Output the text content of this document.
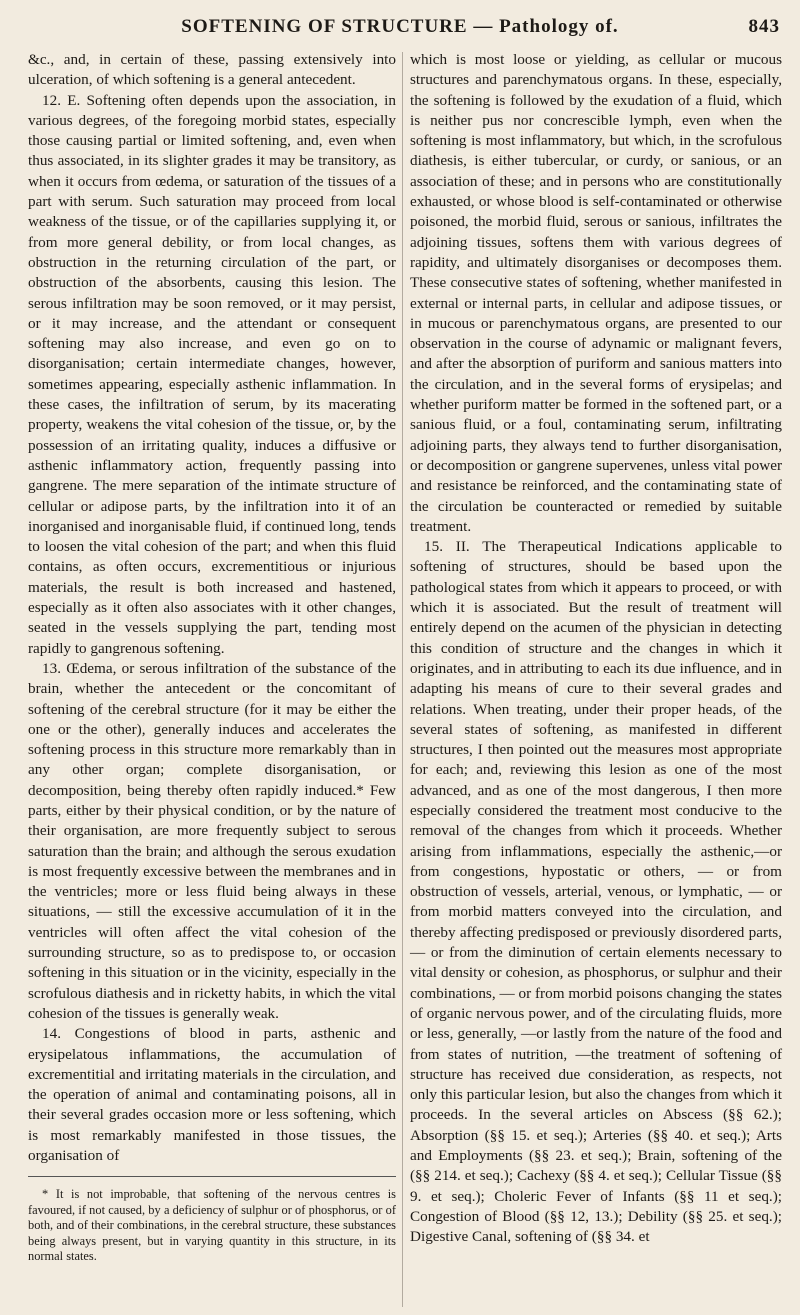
SOFTENING OF STRUCTURE — Pathology of.	843

&c., and, in certain of these, passing extensively into ulceration, of which softening is a general antecedent.

12. E. Softening often depends upon the association, in various degrees, of the foregoing morbid states, especially those causing partial or limited softening, and, even when thus associated, in its slighter grades it may be transitory, as when it occurs from œdema, or saturation of the tissues of a part with serum. Such saturation may proceed from local weakness of the tissue, or of the capillaries supplying it, or from more general debility, or from local changes, as obstruction in the returning circulation of the part, or obstruction of the absorbents, causing this lesion. The serous infiltration may be soon removed, or it may persist, or it may increase, and the attendant or consequent softening may also increase, and even go on to disorganisation; certain intermediate changes, however, sometimes appearing, especially asthenic inflammation. In these cases, the infiltration of serum, by its macerating property, weakens the vital cohesion of the tissue, or, by the possession of an irritating quality, induces a diffusive or asthenic inflammatory action, frequently passing into gangrene. The mere separation of the intimate structure of cellular or adipose parts, by the infiltration into it of an inorganised and inorganisable fluid, if continued long, tends to loosen the vital cohesion of the part; and when this fluid contains, as often occurs, excrementitious or injurious materials, the result is both increased and hastened, especially as it often also associates with it other changes, seated in the vessels supplying the part, tending most rapidly to gangrenous softening.

13. Œdema, or serous infiltration of the substance of the brain, whether the antecedent or the concomitant of softening of the cerebral structure (for it may be either the one or the other), generally induces and accelerates the softening process in this structure more remarkably than in any other organ; complete disorganisation, or decomposition, being thereby often rapidly induced.* Few parts, either by their physical condition, or by the nature of their organisation, are more frequently subject to serous saturation than the brain; and although the serous exudation is most frequently excessive between the membranes and in the ventricles; more or less fluid being always in these situations, — still the excessive accumulation of it in the ventricles will often affect the vital cohesion of the surrounding structure, so as to predispose to, or occasion softening in this situation or in the vicinity, especially in the scrofulous diathesis and in ricketty habits, in which the vital cohesion of the tissues is generally weak.

14. Congestions of blood in parts, asthenic and erysipelatous inflammations, the accumulation of excrementitial and irritating materials in the circulation, and the operation of animal and contaminating poisons, all in their several grades occasion more or less softening, which is most remarkably manifested in those tissues, the organisation of

* It is not improbable, that softening of the nervous centres is favoured, if not caused, by a deficiency of sulphur or of phosphorus, or of both, and of their combinations, in the cerebral structure, these substances being always present, but in varying quantity in this structure, in its normal states.

which is most loose or yielding, as cellular or mucous structures and parenchymatous organs. In these, especially, the softening is followed by the exudation of a fluid, which is neither pus nor concrescible lymph, even when the softening is most inflammatory, but which, in the scrofulous diathesis, is either tubercular, or curdy, or sanious, or an association of these; and in persons who are constitutionally exhausted, or whose blood is self-contaminated or otherwise poisoned, the morbid fluid, serous or sanious, infiltrates the adjoining tissues, softens them with various degrees of rapidity, and ultimately disorganises or decomposes them. These consecutive states of softening, whether manifested in external or internal parts, in cellular and adipose tissues, or in mucous or parenchymatous organs, are presented to our observation in the course of adynamic or malignant fevers, and after the absorption of puriform and sanious matters into the circulation, and in the several forms of erysipelas; and whether puriform matter be formed in the softened part, or a sanious fluid, or a foul, contaminating serum, infiltrating adjoining parts, they always tend to further disorganisation, or decomposition or gangrene supervenes, unless vital power and resistance be reinforced, and the contaminating state of the circulation be counteracted or remedied by suitable treatment.

15. II. The Therapeutical Indications applicable to softening of structures, should be based upon the pathological states from which it appears to proceed, or with which it is associated. But the result of treatment will entirely depend on the acumen of the physician in detecting this condition of structure and the changes in which it originates, and in attributing to each its due influence, and in adapting his means of cure to their several grades and relations. When treating, under their proper heads, of the several states of softening, as manifested in different structures, I then pointed out the measures most appropriate for each; and, reviewing this lesion as one of the most advanced, and as one of the most dangerous, I then more especially considered the treatment most conducive to the removal of the changes from which it proceeds. Whether arising from inflammations, especially the asthenic,—or from congestions, hypostatic or others, — or from obstruction of vessels, arterial, venous, or lymphatic, — or from morbid matters conveyed into the circulation, and thereby affecting predisposed or previously disordered parts, — or from the diminution of certain elements necessary to vital density or cohesion, as phosphorus, or sulphur and their combinations, — or from morbid poisons changing the states of organic nervous power, and of the circulating fluids, more or less, generally, —or lastly from the nature of the food and from states of nutrition, —the treatment of softening of structure has received due consideration, as respects, not only this particular lesion, but also the changes from which it proceeds. In the several articles on Abscess (§§ 62.); Absorption (§§ 15. et seq.); Arteries (§§ 40. et seq.); Arts and Employments (§§ 23. et seq.); Brain, softening of the (§§ 214. et seq.); Cachexy (§§ 4. et seq.); Cellular Tissue (§§ 9. et seq.); Choleric Fever of Infants (§§ 11 et seq.); Congestion of Blood (§§ 12, 13.); Debility (§§ 25. et seq.); Digestive Canal, softening of (§§ 34. et
